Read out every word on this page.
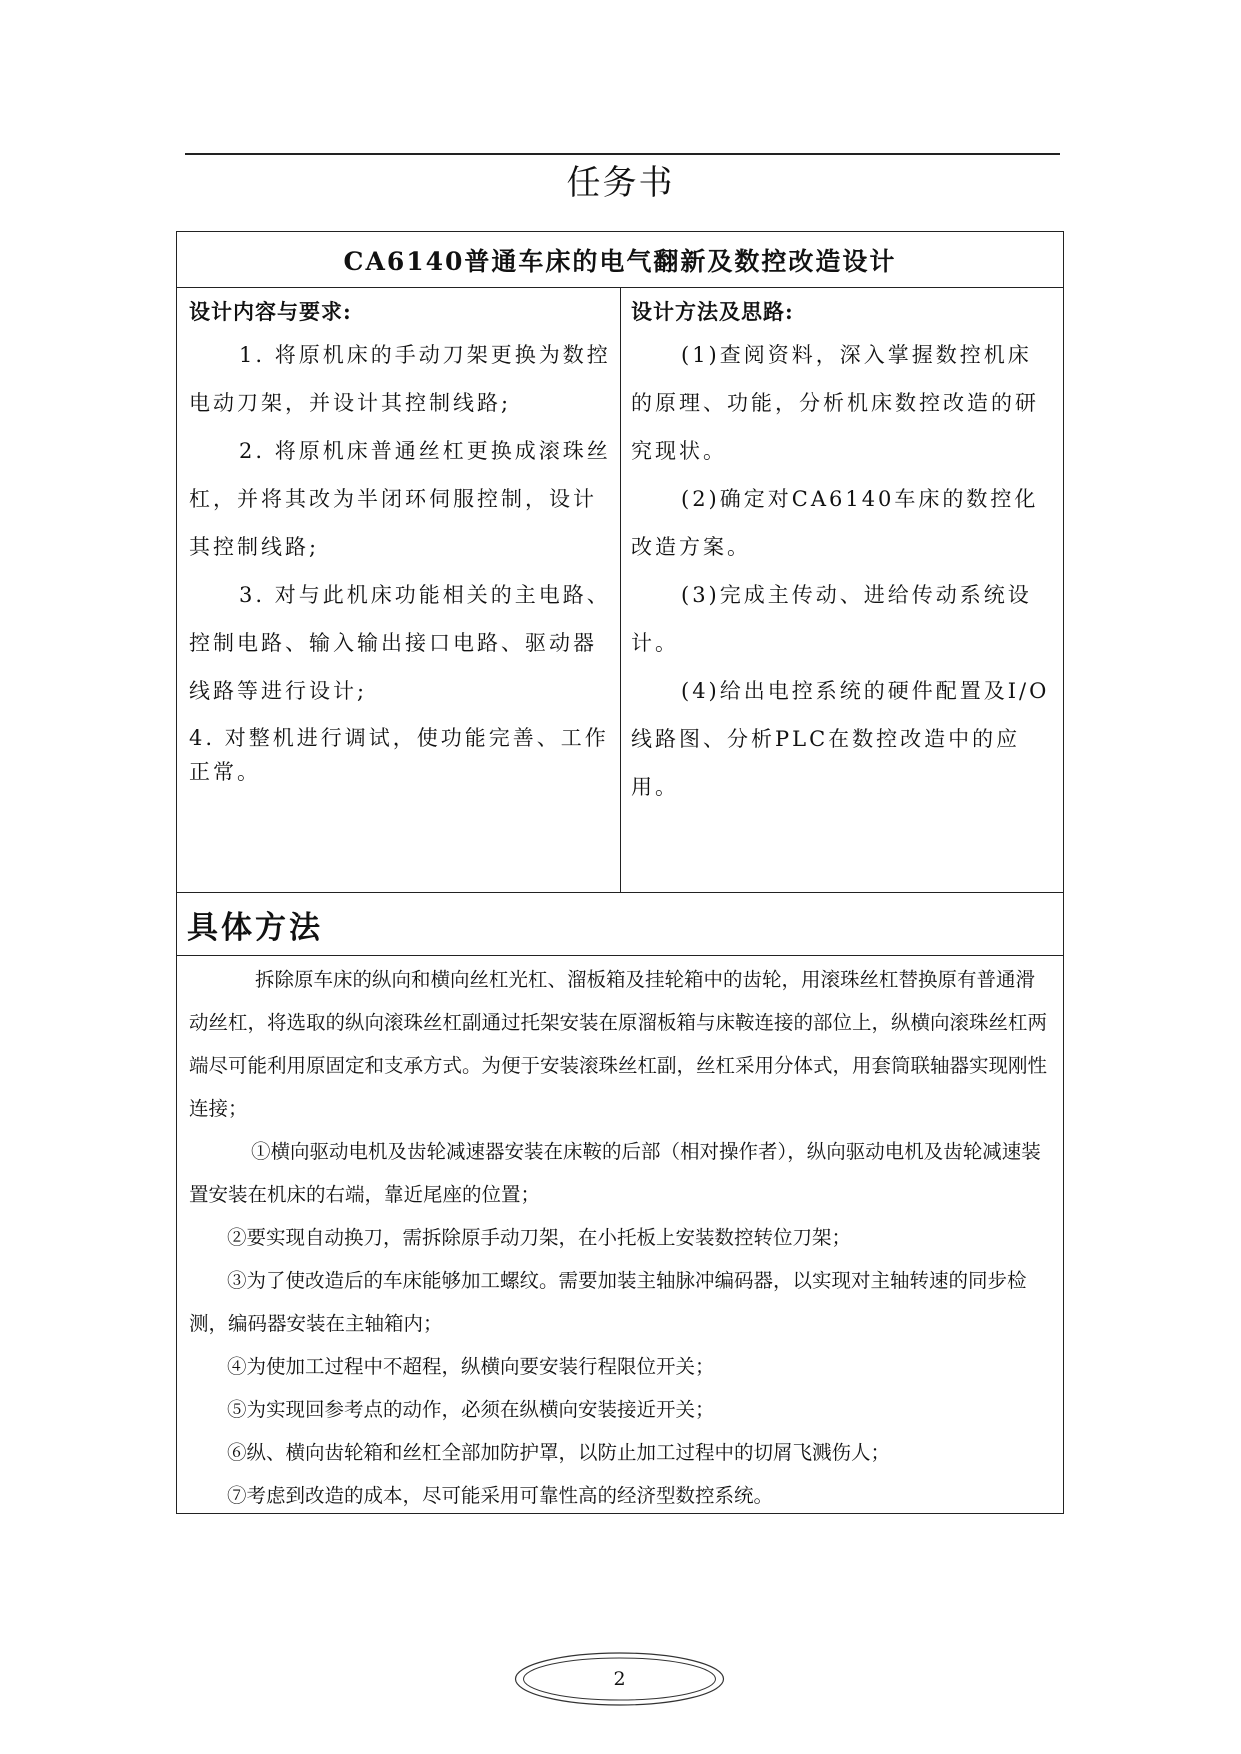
任务书
CA6140普通车床的电气翻新及数控改造设计
设计内容与要求:

1. 将原机床的手动刀架更换为数控电动刀架，并设计其控制线路;

2. 将原机床普通丝杠更换成滚珠丝杠，并将其改为半闭环伺服控制，设计其控制线路;

3. 对与此机床功能相关的主电路、控制电路、输入输出接口电路、驱动器线路等进行设计;

4. 对整机进行调试，使功能完善、工作正常。

设计方法及思路:

(1)查阅资料，深入掌握数控机床的原理、功能，分析机床数控改造的研究现状。

(2)确定对CA6140车床的数控化改造方案。

(3)完成主传动、进给传动系统设计。

(4)给出电控系统的硬件配置及I/O线路图、分析PLC在数控改造中的应用。

具体方法

拆除原车床的纵向和横向丝杠光杠、溜板箱及挂轮箱中的齿轮，用滚珠丝杠替换原有普通滑动丝杠，将选取的纵向滚珠丝杠副通过托架安装在原溜板箱与床鞍连接的部位上，纵横向滚珠丝杠两端尽可能利用原固定和支承方式。为便于安装滚珠丝杠副，丝杠采用分体式，用套筒联轴器实现刚性连接；

①横向驱动电机及齿轮减速器安装在床鞍的后部（相对操作者），纵向驱动电机及齿轮减速装置安装在机床的右端，靠近尾座的位置；

②要实现自动换刀，需拆除原手动刀架，在小托板上安装数控转位刀架；

③为了使改造后的车床能够加工螺纹。需要加装主轴脉冲编码器，以实现对主轴转速的同步检测，编码器安装在主轴箱内；

④为使加工过程中不超程，纵横向要安装行程限位开关；

⑤为实现回参考点的动作，必须在纵横向安装接近开关；

⑥纵、横向齿轮箱和丝杠全部加防护罩，以防止加工过程中的切屑飞溅伤人；

⑦考虑到改造的成本，尽可能采用可靠性高的经济型数控系统。

2
